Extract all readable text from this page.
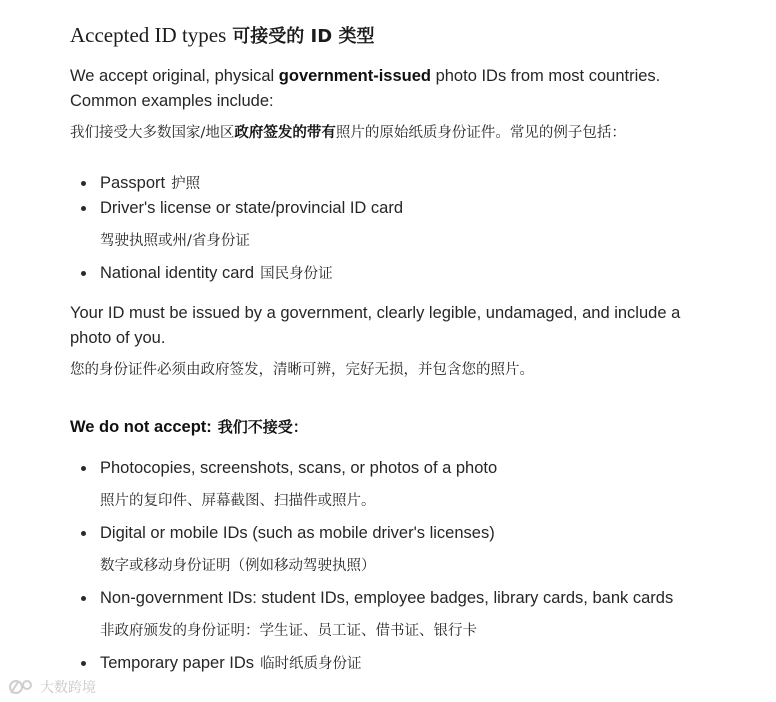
Accepted ID types 可接受的 ID 类型
We accept original, physical government-issued photo IDs from most countries. Common examples include:
我们接受大多数国家/地区政府签发的带有照片的原始纸质身份证件。常见的例子包括：
Passport 护照
Driver's license or state/provincial ID card
驾驶执照或州/省身份证
National identity card 国民身份证
Your ID must be issued by a government, clearly legible, undamaged, and include a photo of you.
您的身份证件必须由政府签发，清晰可辨，完好无损，并包含您的照片。
We do not accept: 我们不接受：
Photocopies, screenshots, scans, or photos of a photo
照片的复印件、屏幕截图、扫描件或照片。
Digital or mobile IDs (such as mobile driver's licenses)
数字或移动身份证明（例如移动驾驶执照）
Non-government IDs: student IDs, employee badges, library cards, bank cards
非政府颁发的身份证明：学生证、员工证、借书证、银行卡
Temporary paper IDs 临时纸质身份证
大数跨境
